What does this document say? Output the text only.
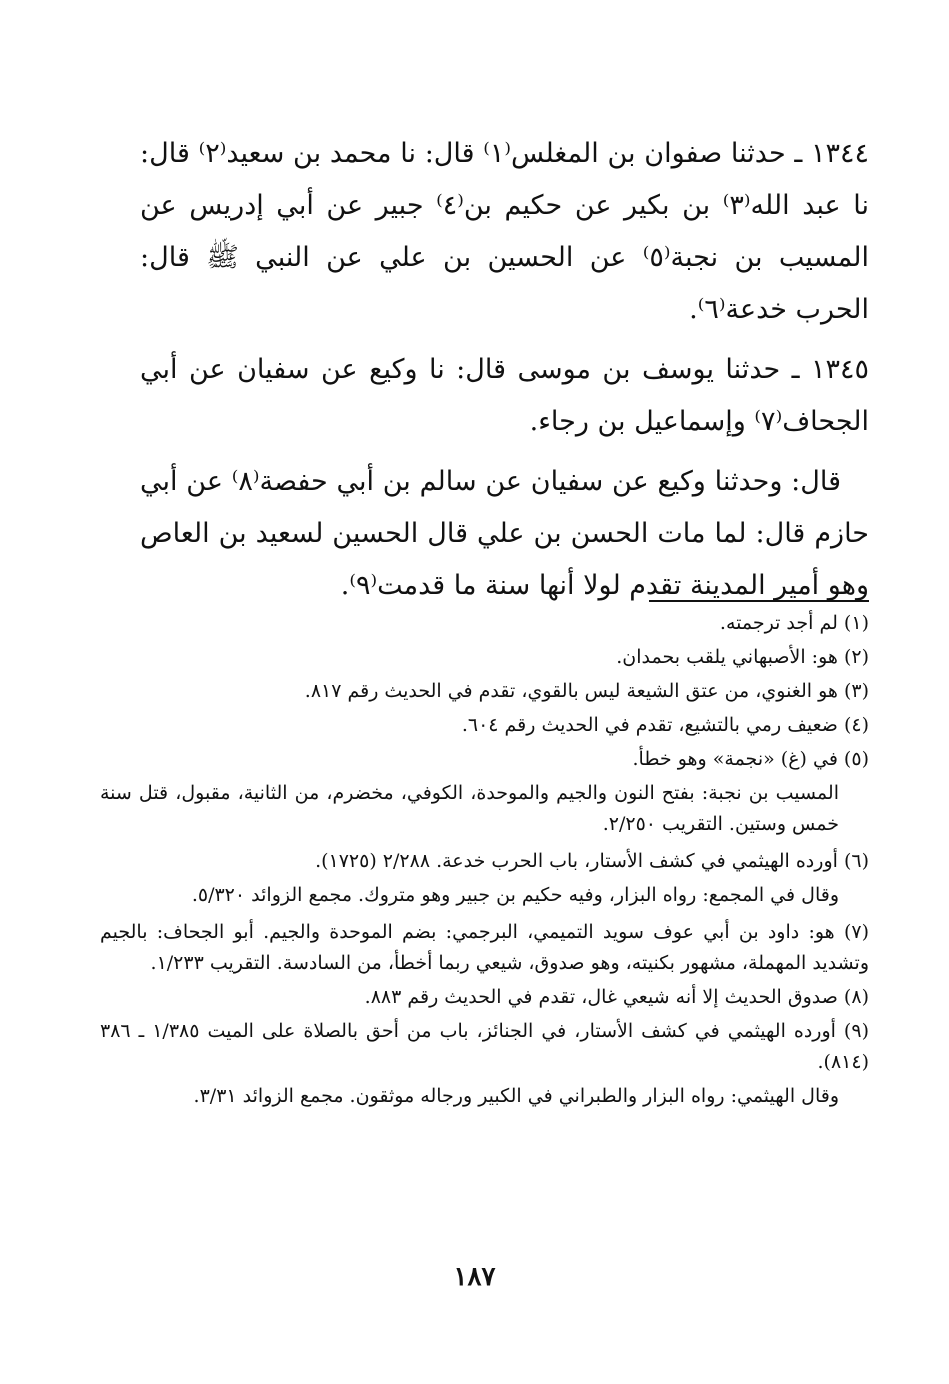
١٣٤٤ ـ حدثنا صفوان بن المغلس⁽١⁾ قال: نا محمد بن سعيد⁽٢⁾ قال: نا عبد الله⁽٣⁾ بن بكير عن حكيم بن⁽٤⁾ جبير عن أبي إدريس عن المسيب بن نجبة⁽٥⁾ عن الحسين بن علي عن النبي ﷺ قال: الحرب خدعة⁽٦⁾.

١٣٤٥ ـ حدثنا يوسف بن موسى قال: نا وكيع عن سفيان عن أبي الجحاف⁽٧⁾ وإسماعيل بن رجاء.

قال: وحدثنا وكيع عن سفيان عن سالم بن أبي حفصة⁽٨⁾ عن أبي حازم قال: لما مات الحسن بن علي قال الحسين لسعيد بن العاص وهو أمير المدينة تقدم لولا أنها سنة ما قدمت⁽٩⁾.

(١) لم أجد ترجمته.

(٢) هو: الأصبهاني يلقب بحمدان.

(٣) هو الغنوي، من عتق الشيعة ليس بالقوي، تقدم في الحديث رقم ٨١٧.

(٤) ضعيف رمي بالتشيع، تقدم في الحديث رقم ٦٠٤.

(٥) في (غ) «نجمة» وهو خطأ.

المسيب بن نجبة: بفتح النون والجيم والموحدة، الكوفي، مخضرم، من الثانية، مقبول، قتل سنة خمس وستين. التقريب ٢/٢٥٠.

(٦) أورده الهيثمي في كشف الأستار، باب الحرب خدعة. ٢/٢٨٨ (١٧٢٥).

وقال في المجمع: رواه البزار، وفيه حكيم بن جبير وهو متروك. مجمع الزوائد ٥/٣٢٠.

(٧) هو: داود بن أبي عوف سويد التميمي، البرجمي: بضم الموحدة والجيم. أبو الجحاف: بالجيم وتشديد المهملة، مشهور بكنيته، وهو صدوق، شيعي ربما أخطأ، من السادسة. التقريب ١/٢٣٣.

(٨) صدوق الحديث إلا أنه شيعي غال، تقدم في الحديث رقم ٨٨٣.

(٩) أورده الهيثمي في كشف الأستار، في الجنائز، باب من أحق بالصلاة على الميت ١/٣٨٥ ـ ٣٨٦ (٨١٤).

وقال الهيثمي: رواه البزار والطبراني في الكبير ورجاله موثقون. مجمع الزوائد ٣/٣١.

١٨٧
